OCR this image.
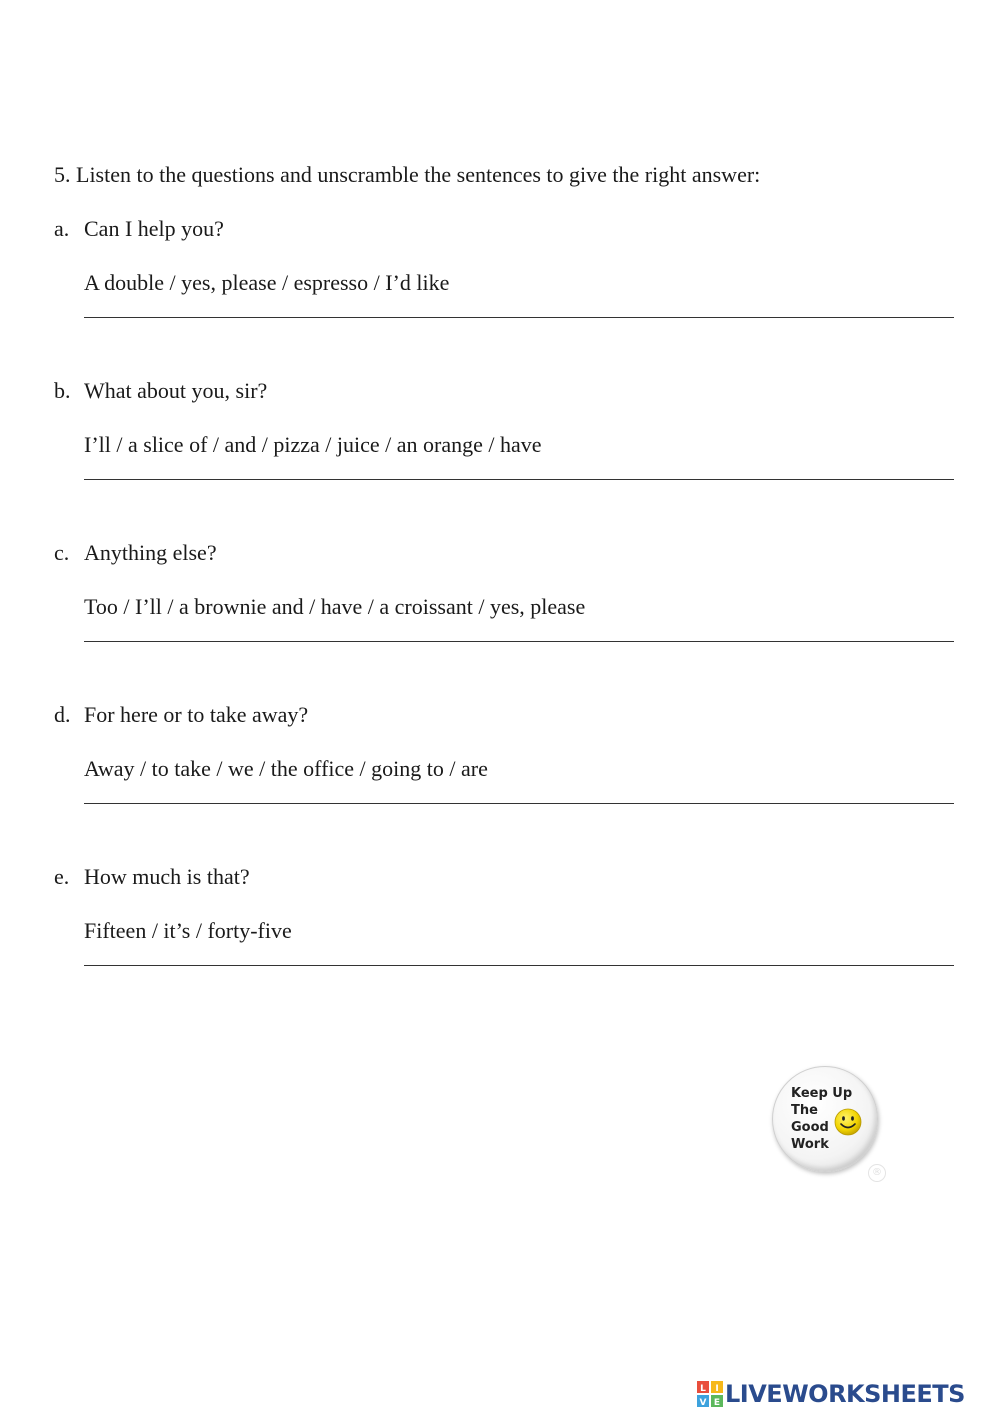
5. Listen to the questions and unscramble the sentences to give the right answer:
a. Can I help you?
A double / yes, please / espresso / I’d like
b. What about you, sir?
I’ll / a slice of / and / pizza / juice / an orange / have
c. Anything else?
Too / I’ll / a brownie and / have / a croissant / yes, please
d. For here or to take away?
Away / to take / we / the office / going to / are
e. How much is that?
Fifteen / it’s / forty-five
Keep Up
The
Good
Work
®
L I
V E LIVEWORKSHEETS
